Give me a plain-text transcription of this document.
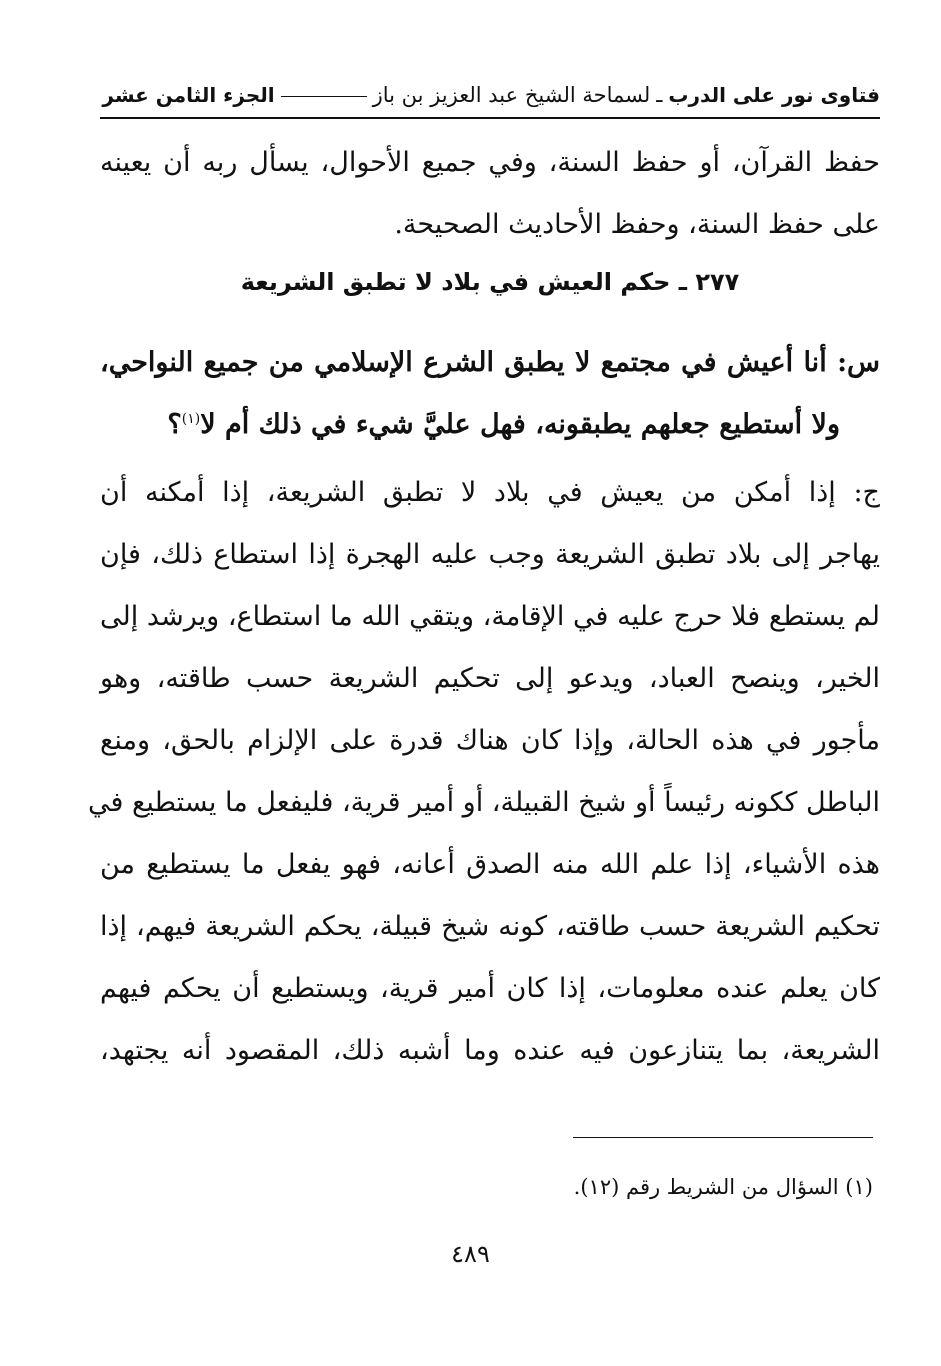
فتاوى نور على الدرب
ـ
لسماحة الشيخ عبد العزيز بن باز
الجزء الثامن عشر
حفظ القرآن، أو حفظ السنة، وفي جميع الأحوال، يسأل ربه أن يعينه
على حفظ السنة، وحفظ الأحاديث الصحيحة.
٢٧٧ ـ حكم العيش في بلاد لا تطبق الشريعة
س: أنا أعيش في مجتمع لا يطبق الشرع الإسلامي من جميع النواحي،
ولا أستطيع جعلهم يطبقونه، فهل عليَّ شيء في ذلك أم لا$^{(١)}$؟
ج: إذا أمكن من يعيش في بلاد لا تطبق الشريعة، إذا أمكنه أن
يهاجر إلى بلاد تطبق الشريعة وجب عليه الهجرة إذا استطاع ذلك، فإن
لم يستطع فلا حرج عليه في الإقامة، ويتقي الله ما استطاع، ويرشد إلى
الخير، وينصح العباد، ويدعو إلى تحكيم الشريعة حسب طاقته، وهو
مأجور في هذه الحالة، وإذا كان هناك قدرة على الإلزام بالحق، ومنع
الباطل ككونه رئيساً أو شيخ القبيلة، أو أمير قرية، فليفعل ما يستطيع في
هذه الأشياء، إذا علم الله منه الصدق أعانه، فهو يفعل ما يستطيع من
تحكيم الشريعة حسب طاقته، كونه شيخ قبيلة، يحكم الشريعة فيهم، إذا
كان يعلم عنده معلومات، إذا كان أمير قرية، ويستطيع أن يحكم فيهم
الشريعة، بما يتنازعون فيه عنده وما أشبه ذلك، المقصود أنه يجتهد،
(١) السؤال من الشريط رقم (١٢).
٤٨٩
